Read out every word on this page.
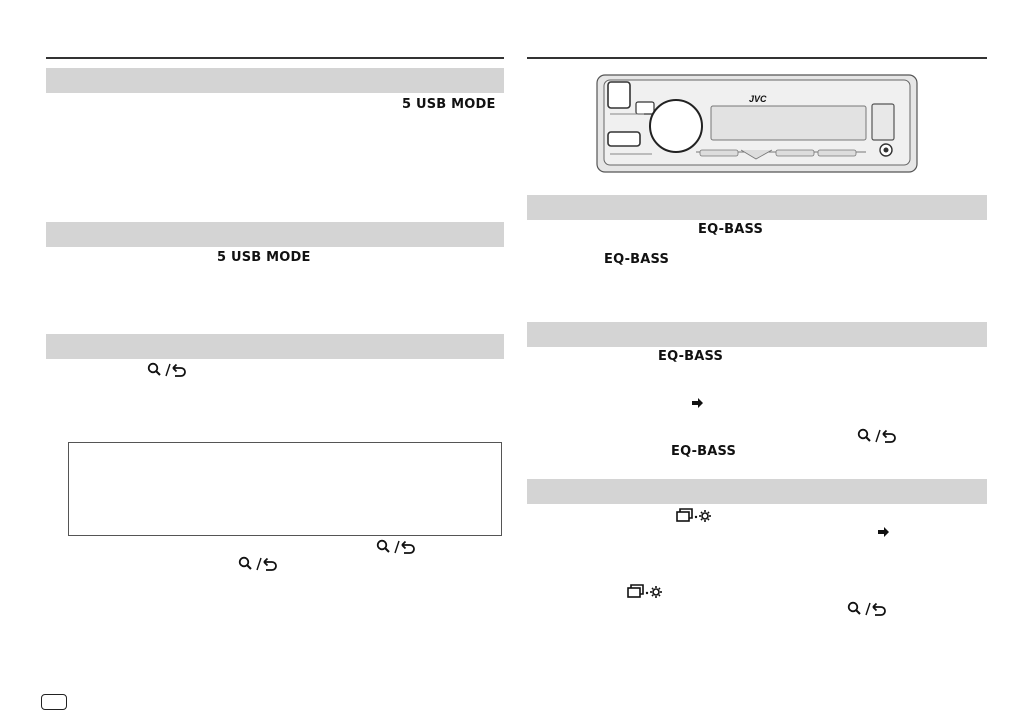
5 USB MODE
5 USB MODE
JVC
EQ-BASS
EQ-BASS
EQ-BASS
EQ-BASS
